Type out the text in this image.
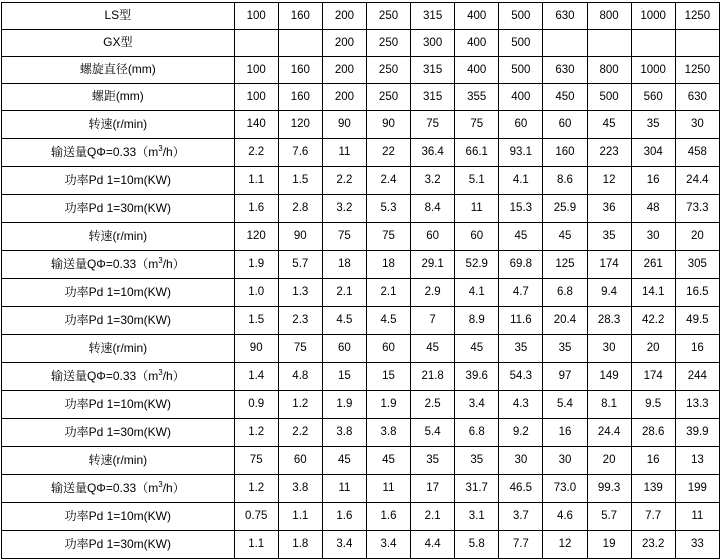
LS型	100	160	200	250	315	400	500	630	800	1000	1250
GX型			200	250	300	400	500				
螺旋直径(mm)	100	160	200	250	315	400	500	630	800	1000	1250
螺距(mm)	100	160	200	250	315	355	400	450	500	560	630
转速(r/min)	140	120	90	90	75	75	60	60	45	35	30
输送量$Q\Phi=0.33(m^3/h)$	2.2	7.6	11	22	36.4	66.1	93.1	160	223	304	458
功率Pd 1=10m(KW)	1.1	1.5	2.2	2.4	3.2	5.1	4.1	8.6	12	16	24.4
功率Pd 1=30m(KW)	1.6	2.8	3.2	5.3	8.4	11	15.3	25.9	36	48	73.3
转速(r/min)	120	90	75	75	60	60	45	45	35	30	20
输送量$Q\Phi=0.33(m^3/h)$	1.9	5.7	18	18	29.1	52.9	69.8	125	174	261	305
功率Pd 1=10m(KW)	1.0	1.3	2.1	2.1	2.9	4.1	4.7	6.8	9.4	14.1	16.5
功率Pd 1=30m(KW)	1.5	2.3	4.5	4.5	7	8.9	11.6	20.4	28.3	42.2	49.5
转速(r/min)	90	75	60	60	45	45	35	35	30	20	16
输送量$Q\Phi=0.33(m^3/h)$	1.4	4.8	15	15	21.8	39.6	54.3	97	149	174	244
功率Pd 1=10m(KW)	0.9	1.2	1.9	1.9	2.5	3.4	4.3	5.4	8.1	9.5	13.3
功率Pd 1=30m(KW)	1.2	2.2	3.8	3.8	5.4	6.8	9.2	16	24.4	28.6	39.9
转速(r/min)	75	60	45	45	35	35	30	30	20	16	13
输送量$Q\Phi=0.33(m^3/h)$	1.2	3.8	11	11	17	31.7	46.5	73.0	99.3	139	199
功率Pd 1=10m(KW)	0.75	1.1	1.6	1.6	2.1	3.1	3.7	4.6	5.7	7.7	11
功率Pd 1=30m(KW)	1.1	1.8	3.4	3.4	4.4	5.8	7.7	12	19	23.2	33
